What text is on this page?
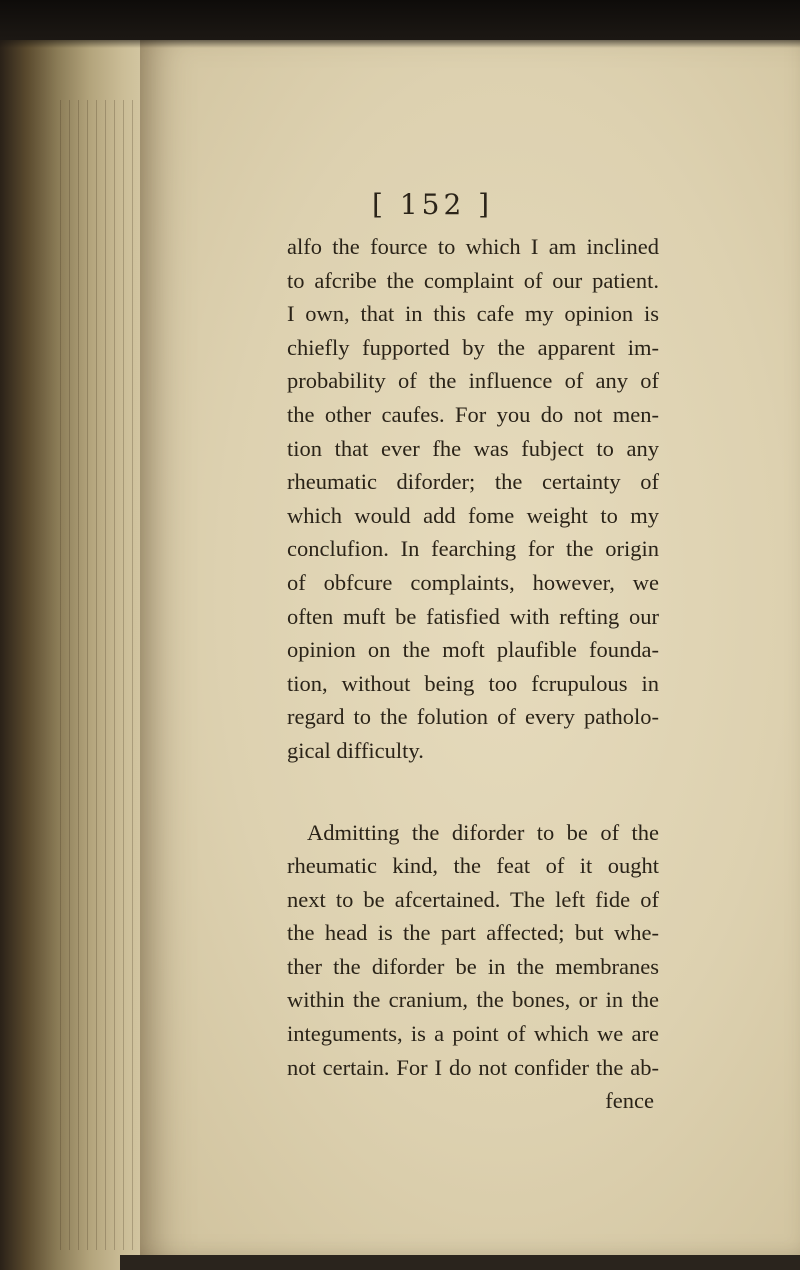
[ 152 ]
alfo the fource to which I am inclined
to afcribe the complaint of our patient.
I own, that in this cafe my opinion is
chiefly fupported by the apparent im-
probability of the influence of any of
the other caufes. For you do not men-
tion that ever fhe was fubject to any
rheumatic diforder; the certainty of
which would add fome weight to my
conclufion. In fearching for the origin
of obfcure complaints, however, we
often muft be fatisfied with refting our
opinion on the moft plaufible founda-
tion, without being too fcrupulous in
regard to the folution of every patholo-
gical difficulty.
Admitting the diforder to be of the
rheumatic kind, the feat of it ought
next to be afcertained. The left fide of
the head is the part affected; but whe-
ther the diforder be in the membranes
within the cranium, the bones, or in the
integuments, is a point of which we are
not certain. For I do not confider the ab-
fence
